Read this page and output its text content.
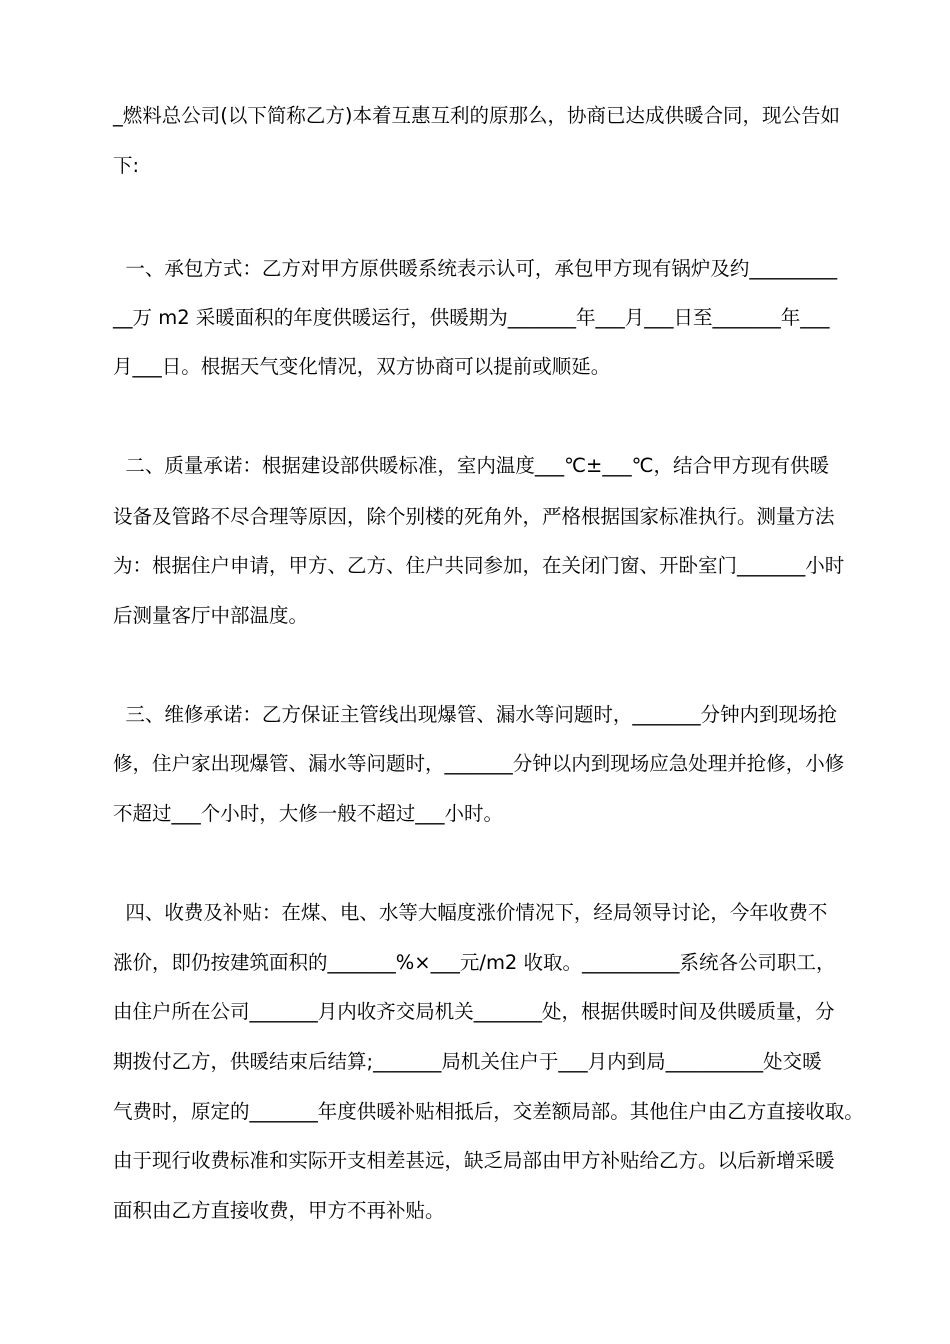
_燃料总公司(以下简称乙方)本着互惠互利的原那么，协商已达成供暖合同，现公告如
下:
一、承包方式：乙方对甲方原供暖系统表示认可，承包甲方现有锅炉及约_________
__万 m2 采暖面积的年度供暖运行，供暖期为_______年___月___日至_______年___
月___日。根据天气变化情况，双方协商可以提前或顺延。
二、质量承诺：根据建设部供暖标准，室内温度___℃±___℃，结合甲方现有供暖
设备及管路不尽合理等原因，除个别楼的死角外，严格根据国家标准执行。测量方法
为：根据住户申请，甲方、乙方、住户共同参加，在关闭门窗、开卧室门_______小时
后测量客厅中部温度。
三、维修承诺：乙方保证主管线出现爆管、漏水等问题时，_______分钟内到现场抢
修，住户家出现爆管、漏水等问题时，_______分钟以内到现场应急处理并抢修，小修
不超过___个小时，大修一般不超过___小时。
四、收费及补贴：在煤、电、水等大幅度涨价情况下，经局领导讨论，今年收费不
涨价，即仍按建筑面积的_______%×___元/m2 收取。__________系统各公司职工，
由住户所在公司_______月内收齐交局机关_______处，根据供暖时间及供暖质量，分
期拨付乙方，供暖结束后结算;_______局机关住户于___月内到局__________处交暖
气费时，原定的_______年度供暖补贴相抵后，交差额局部。其他住户由乙方直接收取。
由于现行收费标准和实际开支相差甚远，缺乏局部由甲方补贴给乙方。以后新增采暖
面积由乙方直接收费，甲方不再补贴。
